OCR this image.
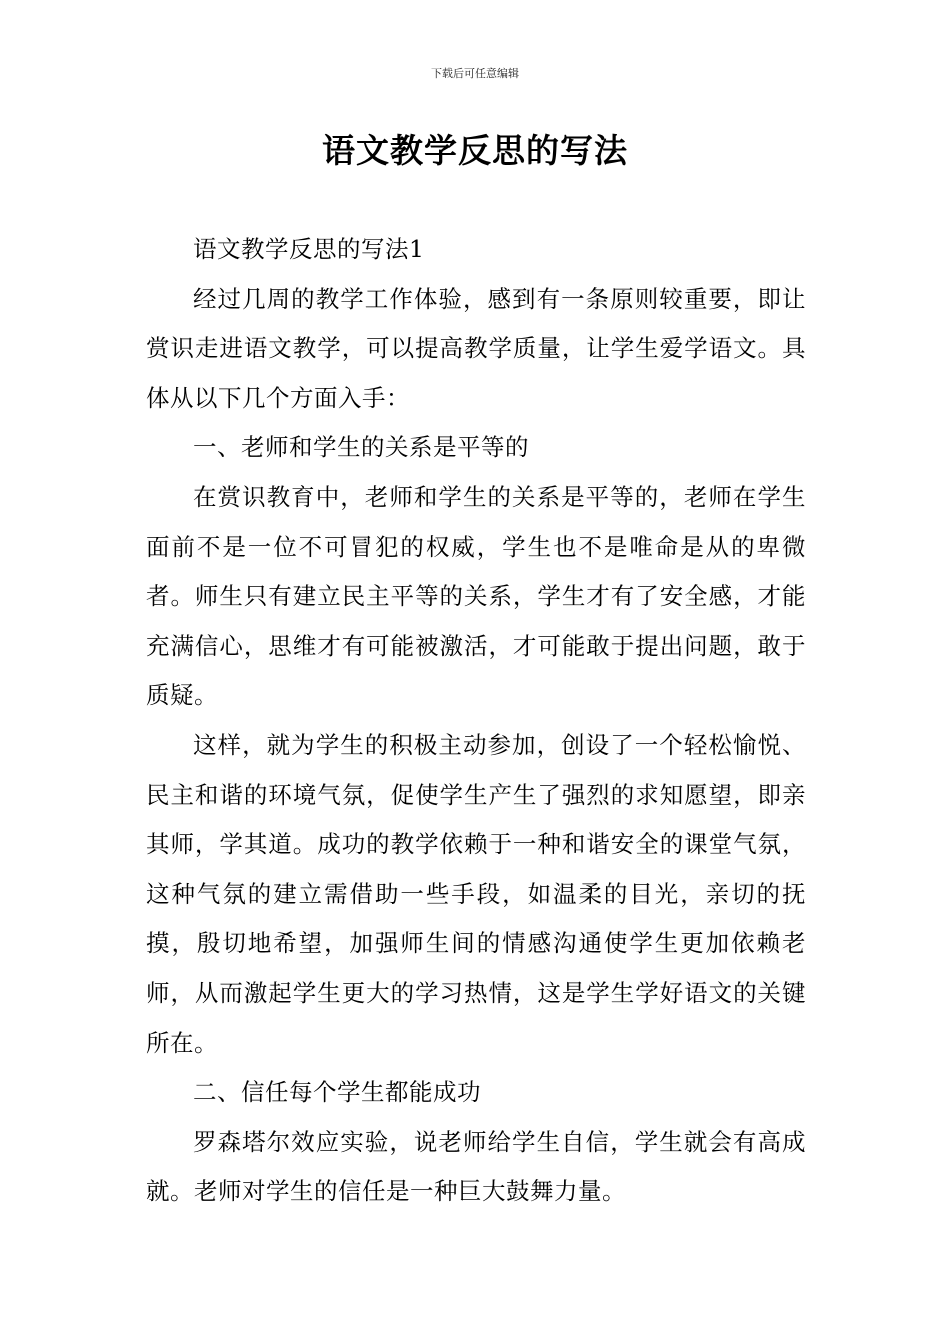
下载后可任意编辑
语文教学反思的写法

语文教学反思的写法1

经过几周的教学工作体验，感到有一条原则较重要，即让赏识走进语文教学，可以提高教学质量，让学生爱学语文。具体从以下几个方面入手：

一、老师和学生的关系是平等的

在赏识教育中，老师和学生的关系是平等的，老师在学生面前不是一位不可冒犯的权威，学生也不是唯命是从的卑微者。师生只有建立民主平等的关系，学生才有了安全感，才能充满信心，思维才有可能被激活，才可能敢于提出问题，敢于质疑。

这样，就为学生的积极主动参加，创设了一个轻松愉悦、民主和谐的环境气氛，促使学生产生了强烈的求知愿望，即亲其师，学其道。成功的教学依赖于一种和谐安全的课堂气氛，这种气氛的建立需借助一些手段，如温柔的目光，亲切的抚摸，殷切地希望，加强师生间的情感沟通使学生更加依赖老师，从而激起学生更大的学习热情，这是学生学好语文的关键所在。

二、信任每个学生都能成功

罗森塔尔效应实验，说老师给学生自信，学生就会有高成就。老师对学生的信任是一种巨大鼓舞力量。
